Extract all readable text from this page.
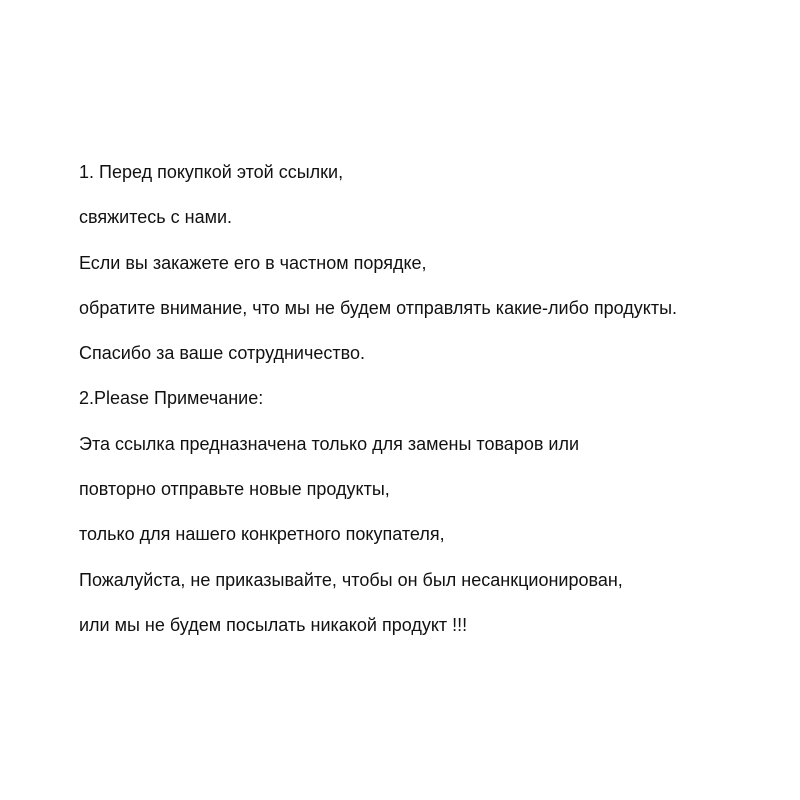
1. Перед покупкой этой ссылки,

свяжитесь с нами.

Если вы закажете его в частном порядке,

обратите внимание, что мы не будем отправлять какие-либо продукты.

Спасибо за ваше сотрудничество.

2.Please Примечание:

Эта ссылка предназначена только для замены товаров или

повторно отправьте новые продукты,

только для нашего конкретного покупателя,

Пожалуйста, не приказывайте, чтобы он был несанкционирован,

или мы не будем посылать никакой продукт !!!
